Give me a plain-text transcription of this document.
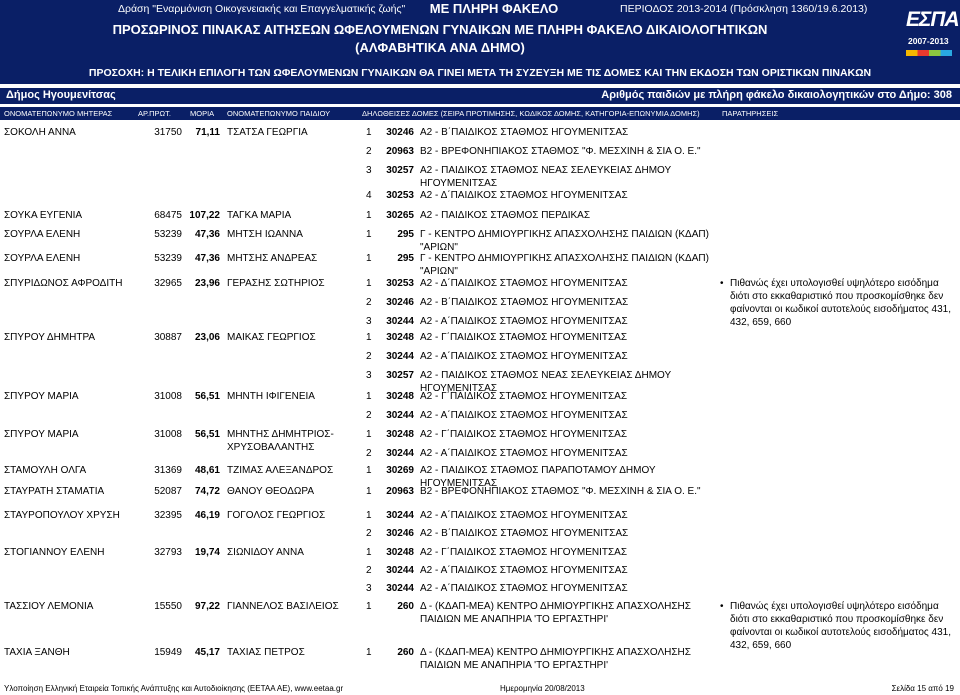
Δράση "Εναρμόνιση Οικογενειακής και Επαγγελματικής ζωής"	ΜΕ ΠΛΗΡΗ ΦΑΚΕΛΟ	ΠΕΡΙΟΔΟΣ 2013-2014 (Πρόσκληση 1360/19.6.2013)
ΠΡΟΣΩΡΙΝΟΣ ΠΙΝΑΚΑΣ ΑΙΤΗΣΕΩΝ ΩΦΕΛΟΥΜΕΝΩΝ ΓΥΝΑΙΚΩΝ ΜΕ ΠΛΗΡΗ ΦΑΚΕΛΟ ΔΙΚΑΙΟΛΟΓΗΤΙΚΩΝ
(ΑΛΦΑΒΗΤΙΚΑ ΑΝΑ ΔΗΜΟ)
ΠΡΟΣΟΧΗ: Η ΤΕΛΙΚΗ ΕΠΙΛΟΓΗ ΤΩΝ ΩΦΕΛΟΥΜΕΝΩΝ ΓΥΝΑΙΚΩΝ ΘΑ ΓΙΝΕΙ ΜΕΤΑ ΤΗ ΣΥΖΕΥΞΗ ΜΕ ΤΙΣ ΔΟΜΕΣ ΚΑΙ ΤΗΝ ΕΚΔΟΣΗ ΤΩΝ ΟΡΙΣΤΙΚΩΝ ΠΙΝΑΚΩΝ
ΕΣΠΑ
2007-2013
Δήμος Ηγουμενίτσας	Αριθμός παιδιών με πλήρη φάκελο δικαιολογητικών στο Δήμο: 308
ΟΝΟΜΑΤΕΠΩΝΥΜΟ ΜΗΤΕΡΑΣ	ΑΡ.ΠΡΩΤ.	ΜΟΡΙΑ ΟΝΟΜΑΤΕΠΩΝΥΜΟ ΠΑΙΔΙΟΥ	ΔΗΛΩΘΕΙΣΕΣ ΔΟΜΕΣ (ΣΕΙΡΑ ΠΡΟΤΙΜΗΣΗΣ, ΚΩΔΙΚΟΣ ΔΟΜΗΣ, ΚΑΤΗΓΟΡΙΑ-ΕΠΩΝΥΜΙΑ ΔΟΜΗΣ)	ΠΑΡΑΤΗΡΗΣΕΙΣ
ΣΟΚΟΛΗ ΑΝΝΑ	31750	71,11 ΤΣΑΤΣΑ ΓΕΩΡΓΙΑ	1 30246 Α2 - Β΄ΠΑΙΔΙΚΟΣ ΣΤΑΘΜΟΣ ΗΓΟΥΜΕΝΙΤΣΑΣ
2 20963 Β2 - ΒΡΕΦΟΝΗΠΙΑΚΟΣ ΣΤΑΘΜΟΣ "Φ. ΜΕΣΧΙΝΗ & ΣΙΑ Ο. Ε."
3 30257 Α2 - ΠΑΙΔΙΚΟΣ ΣΤΑΘΜΟΣ ΝΕΑΣ ΣΕΛΕΥΚΕΙΑΣ ΔΗΜΟΥ ΗΓΟΥΜΕΝΙΤΣΑΣ
4 30253 Α2 - Δ΄ΠΑΙΔΙΚΟΣ ΣΤΑΘΜΟΣ ΗΓΟΥΜΕΝΙΤΣΑΣ
ΣΟΥΚΑ ΕΥΓΕΝΙΑ	68475 107,22 ΤΑΓΚΑ ΜΑΡΙΑ	1 30265 Α2 - ΠΑΙΔΙΚΟΣ ΣΤΑΘΜΟΣ ΠΕΡΔΙΚΑΣ
ΣΟΥΡΛΑ ΕΛΕΝΗ	53239	47,36 ΜΗΤΣΗ ΙΩΑΝΝΑ	1	295 Γ - ΚΕΝΤΡΟ ΔΗΜΙΟΥΡΓΙΚΗΣ ΑΠΑΣΧΟΛΗΣΗΣ ΠΑΙΔΙΩΝ (ΚΔΑΠ) "ΑΡΙΩΝ"
ΣΟΥΡΛΑ ΕΛΕΝΗ	53239	47,36 ΜΗΤΣΗΣ ΑΝΔΡΕΑΣ	1	295 Γ - ΚΕΝΤΡΟ ΔΗΜΙΟΥΡΓΙΚΗΣ ΑΠΑΣΧΟΛΗΣΗΣ ΠΑΙΔΙΩΝ (ΚΔΑΠ) "ΑΡΙΩΝ"
ΣΠΥΡΙΔΩΝΟΣ ΑΦΡΟΔΙΤΗ	32965	23,96 ΓΕΡΑΣΗΣ ΣΩΤΗΡΙΟΣ	1 30253 Α2 - Δ΄ΠΑΙΔΙΚΟΣ ΣΤΑΘΜΟΣ ΗΓΟΥΜΕΝΙΤΣΑΣ
2 30246 Α2 - Β΄ΠΑΙΔΙΚΟΣ ΣΤΑΘΜΟΣ ΗΓΟΥΜΕΝΙΤΣΑΣ
3 30244 Α2 - Α΄ΠΑΙΔΙΚΟΣ ΣΤΑΘΜΟΣ ΗΓΟΥΜΕΝΙΤΣΑΣ
• Πιθανώς έχει υπολογισθεί υψηλότερο εισόδημα διότι στο εκκαθαριστικό που προσκομίσθηκε δεν φαίνονται οι κωδικοί αυτοτελούς εισοδήματος 431, 432, 659, 660
ΣΠΥΡΟΥ ΔΗΜΗΤΡΑ	30887	23,06 ΜΑΙΚΑΣ ΓΕΩΡΓΙΟΣ	1 30248 Α2 - Γ΄ΠΑΙΔΙΚΟΣ ΣΤΑΘΜΟΣ ΗΓΟΥΜΕΝΙΤΣΑΣ
2 30244 Α2 - Α΄ΠΑΙΔΙΚΟΣ ΣΤΑΘΜΟΣ ΗΓΟΥΜΕΝΙΤΣΑΣ
3 30257 Α2 - ΠΑΙΔΙΚΟΣ ΣΤΑΘΜΟΣ ΝΕΑΣ ΣΕΛΕΥΚΕΙΑΣ ΔΗΜΟΥ ΗΓΟΥΜΕΝΙΤΣΑΣ
ΣΠΥΡΟΥ ΜΑΡΙΑ	31008	56,51 ΜΗΝΤΗ ΙΦΙΓΕΝΕΙΑ	1 30248 Α2 - Γ΄ΠΑΙΔΙΚΟΣ ΣΤΑΘΜΟΣ ΗΓΟΥΜΕΝΙΤΣΑΣ
2 30244 Α2 - Α΄ΠΑΙΔΙΚΟΣ ΣΤΑΘΜΟΣ ΗΓΟΥΜΕΝΙΤΣΑΣ
ΣΠΥΡΟΥ ΜΑΡΙΑ	31008	56,51 ΜΗΝΤΗΣ ΔΗΜΗΤΡΙΟΣ-ΧΡΥΣΟΒΑΛΑΝΤΗΣ
1 30248 Α2 - Γ΄ΠΑΙΔΙΚΟΣ ΣΤΑΘΜΟΣ ΗΓΟΥΜΕΝΙΤΣΑΣ
2 30244 Α2 - Α΄ΠΑΙΔΙΚΟΣ ΣΤΑΘΜΟΣ ΗΓΟΥΜΕΝΙΤΣΑΣ
ΣΤΑΜΟΥΛΗ ΟΛΓΑ	31369	48,61 ΤΖΙΜΑΣ ΑΛΕΞΑΝΔΡΟΣ	1 30269 Α2 - ΠΑΙΔΙΚΟΣ ΣΤΑΘΜΟΣ ΠΑΡΑΠΟΤΑΜΟΥ ΔΗΜΟΥ ΗΓΟΥΜΕΝΙΤΣΑΣ
ΣΤΑΥΡΑΤΗ ΣΤΑΜΑΤΙΑ	52087	74,72 ΘΑΝΟΥ ΘΕΟΔΩΡΑ	1 20963 Β2 - ΒΡΕΦΟΝΗΠΙΑΚΟΣ ΣΤΑΘΜΟΣ "Φ. ΜΕΣΧΙΝΗ & ΣΙΑ Ο. Ε."
ΣΤΑΥΡΟΠΟΥΛΟΥ ΧΡΥΣΗ	32395	46,19 ΓΟΓΟΛΟΣ ΓΕΩΡΓΙΟΣ	1 30244 Α2 - Α΄ΠΑΙΔΙΚΟΣ ΣΤΑΘΜΟΣ ΗΓΟΥΜΕΝΙΤΣΑΣ
2 30246 Α2 - Β΄ΠΑΙΔΙΚΟΣ ΣΤΑΘΜΟΣ ΗΓΟΥΜΕΝΙΤΣΑΣ
ΣΤΟΓΙΑΝΝΟΥ ΕΛΕΝΗ	32793	19,74 ΣΙΩΝΙΔΟΥ ΑΝΝΑ	1 30248 Α2 - Γ΄ΠΑΙΔΙΚΟΣ ΣΤΑΘΜΟΣ ΗΓΟΥΜΕΝΙΤΣΑΣ
2 30244 Α2 - Α΄ΠΑΙΔΙΚΟΣ ΣΤΑΘΜΟΣ ΗΓΟΥΜΕΝΙΤΣΑΣ
3 30244 Α2 - Α΄ΠΑΙΔΙΚΟΣ ΣΤΑΘΜΟΣ ΗΓΟΥΜΕΝΙΤΣΑΣ
ΤΑΣΣΙΟΥ ΛΕΜΟΝΙΑ	15550	97,22 ΓΙΑΝΝΕΛΟΣ ΒΑΣΙΛΕΙΟΣ	1	260 Δ - (ΚΔΑΠ-ΜΕΑ) ΚΕΝΤΡΟ ΔΗΜΙΟΥΡΓΙΚΗΣ ΑΠΑΣΧΟΛΗΣΗΣ ΠΑΙΔΙΩΝ ΜΕ ΑΝΑΠΗΡΙΑ 'ΤΟ ΕΡΓΑΣΤΗΡΙ'
• Πιθανώς έχει υπολογισθεί υψηλότερο εισόδημα διότι στο εκκαθαριστικό που προσκομίσθηκε δεν φαίνονται οι κωδικοί αυτοτελούς εισοδήματος 431, 432, 659, 660
ΤΑΧΙΑ ΞΑΝΘΗ	15949	45,17 ΤΑΧΙΑΣ ΠΕΤΡΟΣ	1	260 Δ - (ΚΔΑΠ-ΜΕΑ) ΚΕΝΤΡΟ ΔΗΜΙΟΥΡΓΙΚΗΣ ΑΠΑΣΧΟΛΗΣΗΣ ΠΑΙΔΙΩΝ ΜΕ ΑΝΑΠΗΡΙΑ 'ΤΟ ΕΡΓΑΣΤΗΡΙ'
Υλοποίηση Ελληνική Εταιρεία Τοπικής Ανάπτυξης και Αυτοδιοίκησης (ΕΕΤΑΑ ΑΕ), www.eetaa.gr	Ημερομηνία 20/08/2013	Σελίδα 15 από 19
